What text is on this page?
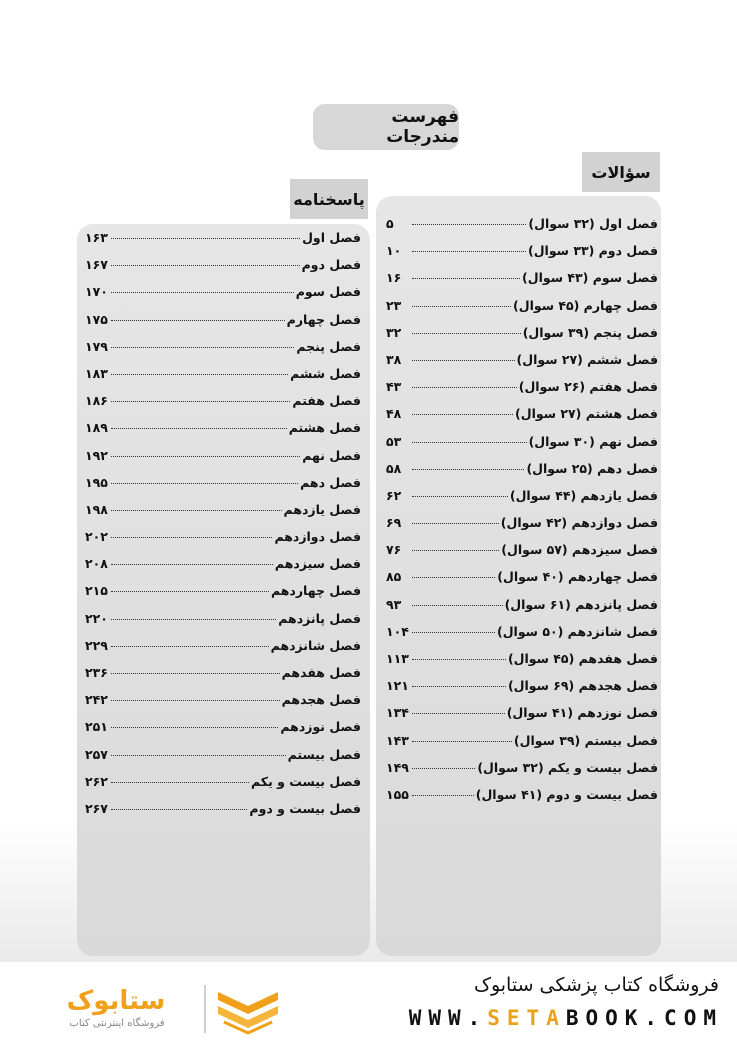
فهرست مندرجات
سؤالات
فصل اول (۳۲ سوال)
۵
فصل دوم (۳۳ سوال)
۱۰
فصل سوم (۴۳ سوال)
۱۶
فصل چهارم (۴۵ سوال)
۲۳
فصل پنجم (۳۹ سوال)
۳۲
فصل ششم (۲۷ سوال)
۳۸
فصل هفتم (۲۶ سوال)
۴۳
فصل هشتم (۲۷ سوال)
۴۸
فصل نهم (۳۰ سوال)
۵۳
فصل دهم (۲۵ سوال)
۵۸
فصل یازدهم (۴۴ سوال)
۶۲
فصل دوازدهم (۴۲ سوال)
۶۹
فصل سیزدهم (۵۷ سوال)
۷۶
فصل چهاردهم (۴۰ سوال)
۸۵
فصل پانزدهم (۶۱ سوال)
۹۳
فصل شانزدهم (۵۰ سوال)
۱۰۴
فصل هفدهم (۴۵ سوال)
۱۱۳
فصل هجدهم (۶۹ سوال)
۱۲۱
فصل نوزدهم (۴۱ سوال)
۱۳۴
فصل بیستم (۳۹ سوال)
۱۴۳
فصل بیست و یکم (۳۲ سوال)
۱۴۹
فصل بیست و دوم (۴۱ سوال)
۱۵۵
پاسخنامه
فصل اول
۱۶۳
فصل دوم
۱۶۷
فصل سوم
۱۷۰
فصل چهارم
۱۷۵
فصل پنجم
۱۷۹
فصل ششم
۱۸۳
فصل هفتم
۱۸۶
فصل هشتم
۱۸۹
فصل نهم
۱۹۲
فصل دهم
۱۹۵
فصل یازدهم
۱۹۸
فصل دوازدهم
۲۰۲
فصل سیزدهم
۲۰۸
فصل چهاردهم
۲۱۵
فصل پانزدهم
۲۲۰
فصل شانزدهم
۲۲۹
فصل هفدهم
۲۳۶
فصل هجدهم
۲۴۲
فصل نوزدهم
۲۵۱
فصل بیستم
۲۵۷
فصل بیست و یکم
۲۶۲
فصل بیست و دوم
۲۶۷
فروشگاه کتاب پزشکی ستابوک
WWW.SETABOOK.COM
ستابوک
فروشگاه اینترنتی کتاب
